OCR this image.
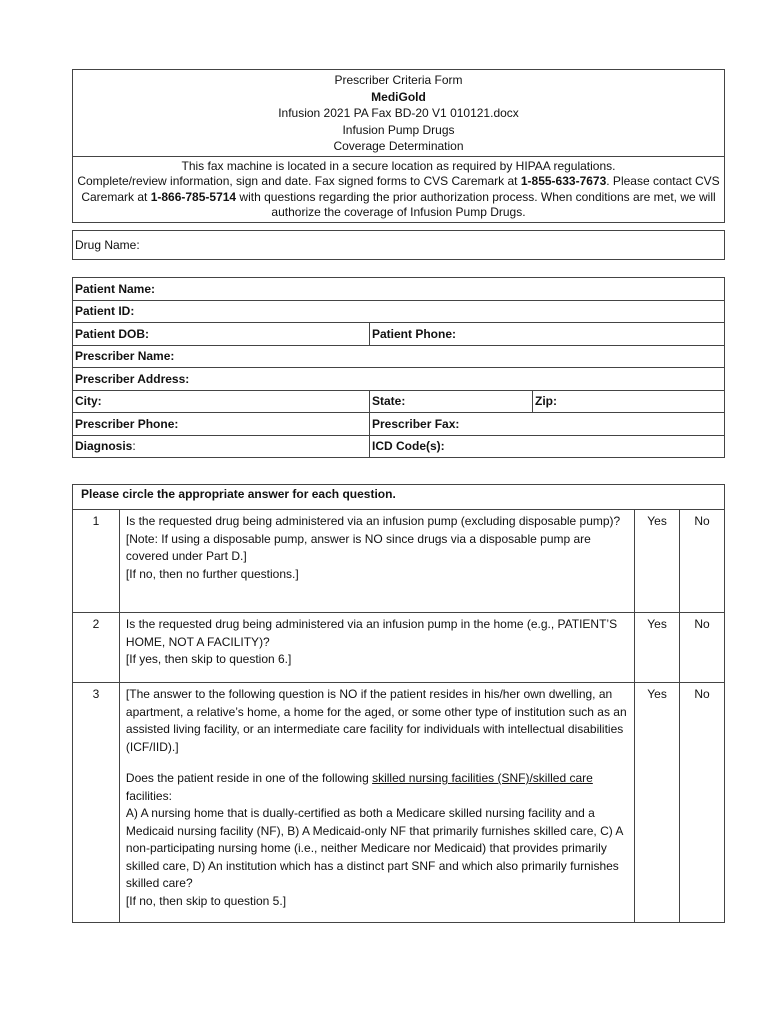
Prescriber Criteria Form
MediGold
Infusion 2021 PA Fax BD-20 V1 010121.docx
Infusion Pump Drugs
Coverage Determination
This fax machine is located in a secure location as required by HIPAA regulations.
Complete/review information, sign and date. Fax signed forms to CVS Caremark at 1-855-633-7673. Please contact CVS Caremark at 1-866-785-5714 with questions regarding the prior authorization process. When conditions are met, we will authorize the coverage of Infusion Pump Drugs.
Drug Name:
Patient Name:		
Patient ID:		
Patient DOB:	Patient Phone:	
Prescriber Name:		
Prescriber Address:		
City:	State:	Zip:
Prescriber Phone:	Prescriber Fax:	
Diagnosis:	ICD Code(s):	
Please circle the appropriate answer for each question.			
1	Is the requested drug being administered via an infusion pump (excluding disposable pump)?
[Note: If using a disposable pump, answer is NO since drugs via a disposable pump are covered under Part D.]
[If no, then no further questions.]	Yes	No
2	Is the requested drug being administered via an infusion pump in the home (e.g., PATIENT’S HOME, NOT A FACILITY)?
[If yes, then skip to question 6.]	Yes	No
3	[The answer to the following question is NO if the patient resides in his/her own dwelling, an apartment, a relative’s home, a home for the aged, or some other type of institution such as an assisted living facility, or an intermediate care facility for individuals with intellectual disabilities (ICF/IID).]
Does the patient reside in one of the following skilled nursing facilities (SNF)/skilled care facilities:
A) A nursing home that is dually-certified as both a Medicare skilled nursing facility and a Medicaid nursing facility (NF), B) A Medicaid-only NF that primarily furnishes skilled care, C) A non-participating nursing home (i.e., neither Medicare nor Medicaid) that provides primarily skilled care, D) An institution which has a distinct part SNF and which also primarily furnishes skilled care?
[If no, then skip to question 5.]	Yes	No
